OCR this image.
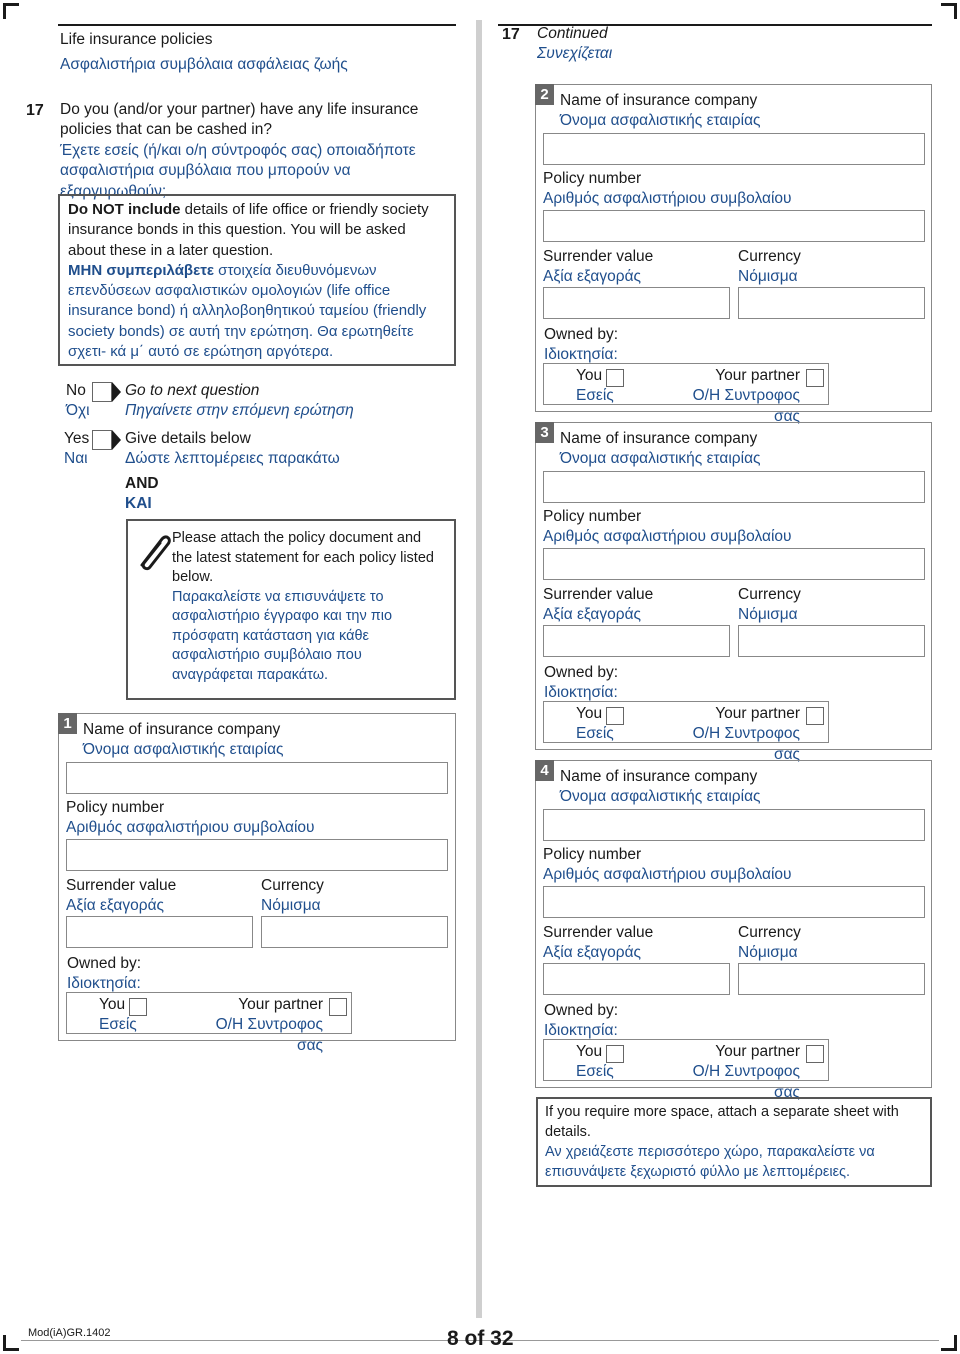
Life insurance policies
Ασφαλιστήρια συμβόλαια ασφάλειας ζωής
17 Do you (and/or your partner) have any life insurance policies that can be cashed in?
Έχετε εσείς (ή/και ο/η σύντροφός σας) οποιαδήποτε ασφαλιστήρια συμβόλαια που μπορούν να εξαργυρωθούν;
Do NOT include details of life office or friendly society insurance bonds in this question. You will be asked about these in a later question.
ΜΗΝ συμπεριλάβετε στοιχεία διευθυνόμενων επενδύσεων ασφαλιστικών ομολογιών (life office insurance bond) ή αλληλοβοηθητικού ταμείου (friendly society bonds) σε αυτή την ερώτηση. Θα ερωτηθείτε σχετι- κά μ΄ αυτό σε ερώτηση αργότερα.
No
Όχι
Go to next question
Πηγαίνετε στην επόμενη ερώτηση
Yes
Ναι
Give details below
Δώστε λεπτομέρειες παρακάτω
AND
ΚΑΙ
Please attach the policy document and the latest statement for each policy listed below.
Παρακαλείστε να επισυνάψετε το ασφαλιστήριο έγγραφο και την πιο πρόσφατη κατάσταση για κάθε ασφαλιστήριο συμβόλαιο που αναγράφεται παρακάτω.
1 Name of insurance company
Όνομα ασφαλιστικής εταιρίας
Policy number
Αριθμός ασφαλιστήριου συμβολαίου
Surrender value
Αξία εξαγοράς
Currency
Νόμισμα
Owned by:
Ιδιοκτησία:
You
Εσείς
Your partner
Ο/Η Συντροφος σας
17 Continued
Συνεχίζεται
2 Name of insurance company
Όνομα ασφαλιστικής εταιρίας
Policy number
Αριθμός ασφαλιστήριου συμβολαίου
Surrender value
Αξία εξαγοράς
Currency
Νόμισμα
Owned by:
Ιδιοκτησία:
You
Εσείς
Your partner
Ο/Η Συντροφος σας
3 Name of insurance company
Όνομα ασφαλιστικής εταιρίας
Policy number
Αριθμός ασφαλιστήριου συμβολαίου
Surrender value
Αξία εξαγοράς
Currency
Νόμισμα
Owned by:
Ιδιοκτησία:
You
Εσείς
Your partner
Ο/Η Συντροφος σας
4 Name of insurance company
Όνομα ασφαλιστικής εταιρίας
Policy number
Αριθμός ασφαλιστήριου συμβολαίου
Surrender value
Αξία εξαγοράς
Currency
Νόμισμα
Owned by:
Ιδιοκτησία:
You
Εσείς
Your partner
Ο/Η Συντροφος σας
If you require more space, attach a separate sheet with details.
Αν χρειάζεστε περισσότερο χώρο, παρακαλείστε να επισυνάψετε ξεχωριστό φύλλο με λεπτομέρειες.
Mod(iA)GR.1402	8 of 32
